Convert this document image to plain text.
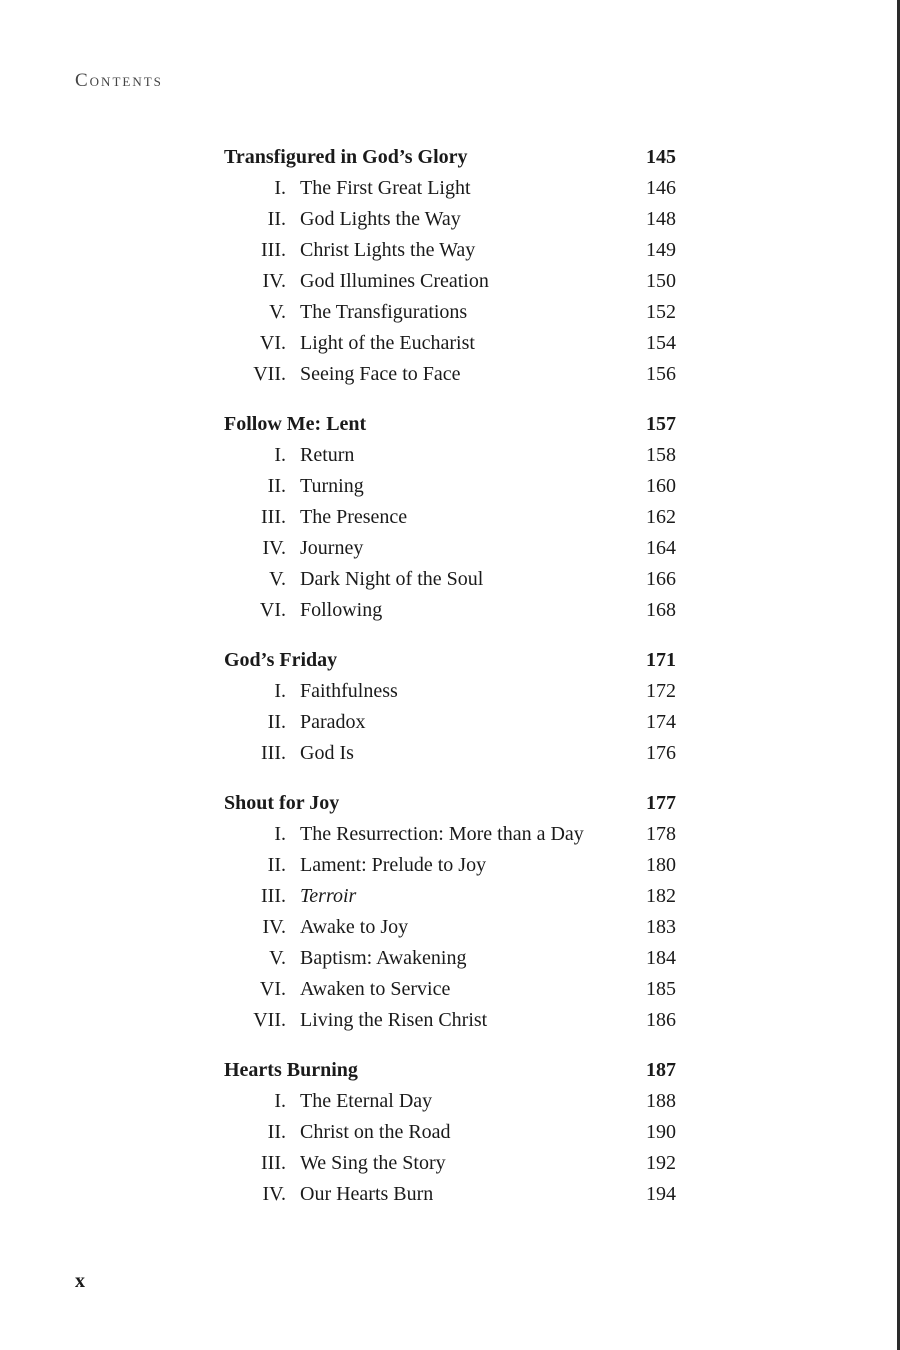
Contents
Transfigured in God’s Glory	145
I. The First Great Light	146
II. God Lights the Way	148
III. Christ Lights the Way	149
IV. God Illumines Creation	150
V. The Transfigurations	152
VI. Light of the Eucharist	154
VII. Seeing Face to Face	156
Follow Me: Lent	157
I. Return	158
II. Turning	160
III. The Presence	162
IV. Journey	164
V. Dark Night of the Soul	166
VI. Following	168
God’s Friday	171
I. Faithfulness	172
II. Paradox	174
III. God Is	176
Shout for Joy	177
I. The Resurrection: More than a Day	178
II. Lament: Prelude to Joy	180
III. Terroir	182
IV. Awake to Joy	183
V. Baptism: Awakening	184
VI. Awaken to Service	185
VII. Living the Risen Christ	186
Hearts Burning	187
I. The Eternal Day	188
II. Christ on the Road	190
III. We Sing the Story	192
IV. Our Hearts Burn	194
x
